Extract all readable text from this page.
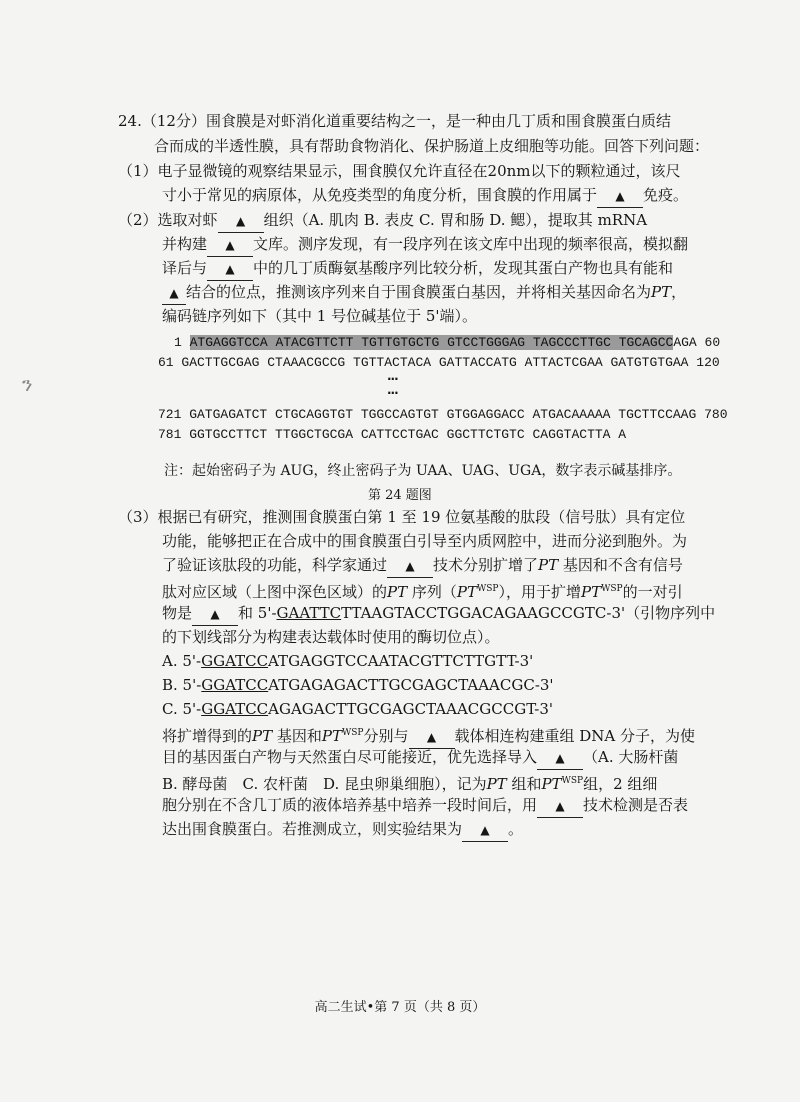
ን
24.（12分）围食膜是对虾消化道重要结构之一，是一种由几丁质和围食膜蛋白质结
合而成的半透性膜，具有帮助食物消化、保护肠道上皮细胞等功能。回答下列问题：
（1）电子显微镜的观察结果显示，围食膜仅允许直径在20nm以下的颗粒通过，该尺
寸小于常见的病原体，从免疫类型的角度分析，围食膜的作用属于 ▲ 免疫。
（2）选取对虾 ▲ 组织（A. 肌肉 B. 表皮 C. 胃和肠 D. 鳃），提取其 mRNA
并构建 ▲ 文库。测序发现，有一段序列在该文库中出现的频率很高，模拟翻
译后与 ▲ 中的几丁质酶氨基酸序列比较分析，发现其蛋白产物也具有能和
▲ 结合的位点，推测该序列来自于围食膜蛋白基因，并将相关基因命名为PT，
编码链序列如下（其中 1 号位碱基位于 5'端）。
1 ATGAGGTCCA ATACGTTCTT TGTTGTGCTG GTCCTGGGAG TAGCCCTTGC TGCAGCCAGA 60
61 GACTTGCGAG CTAAACGCCG TGTTACTACA GATTACCATG ATTACTCGAA GATGTGTGAA 120
···
···
721 GATGAGATCT CTGCAGGTGT TGGCCAGTGT GTGGAGGACC ATGACAAAAA TGCTTCCAAG 780
781 GGTGCCTTCT TTGGCTGCGA CATTCCTGAC GGCTTCTGTC CAGGTACTTA A
注：起始密码子为 AUG，终止密码子为 UAA、UAG、UGA，数字表示碱基排序。
第 24 题图
（3）根据已有研究，推测围食膜蛋白第 1 至 19 位氨基酸的肽段（信号肽）具有定位
功能，能够把正在合成中的围食膜蛋白引导至内质网腔中，进而分泌到胞外。为
了验证该肽段的功能，科学家通过 ▲ 技术分别扩增了PT 基因和不含有信号
肽对应区域（上图中深色区域）的PT 序列$(PT^{WSP})$，用于扩增$PT^{WSP}$的一对引
物是 ▲ 和 5'-GAATTCTTAAGTACCTGGACAGAAGCCGTC-3'（引物序列中
的下划线部分为构建表达载体时使用的酶切位点）。
A. 5'-GGATCCATGAGGTCCAATACGTTCTTGTT-3'
B. 5'-GGATCCATGAGAGACTTGCGAGCTAAACGC-3'
C. 5'-GGATCCAGAGACTTGCGAGCTAAACGCCGT-3'
将扩增得到的PT 基因和$PT^{WSP}$分别与 ▲ 载体相连构建重组 DNA 分子，为使
目的基因蛋白产物与天然蛋白尽可能接近，优先选择导入 ▲ （A. 大肠杆菌
B. 酵母菌　C. 农杆菌　D. 昆虫卵巢细胞），记为PT 组和$PT^{WSP}$组，2 组细
胞分别在不含几丁质的液体培养基中培养一段时间后，用 ▲ 技术检测是否表
达出围食膜蛋白。若推测成立，则实验结果为 ▲ 。
高二生试•第 7 页（共 8 页）
